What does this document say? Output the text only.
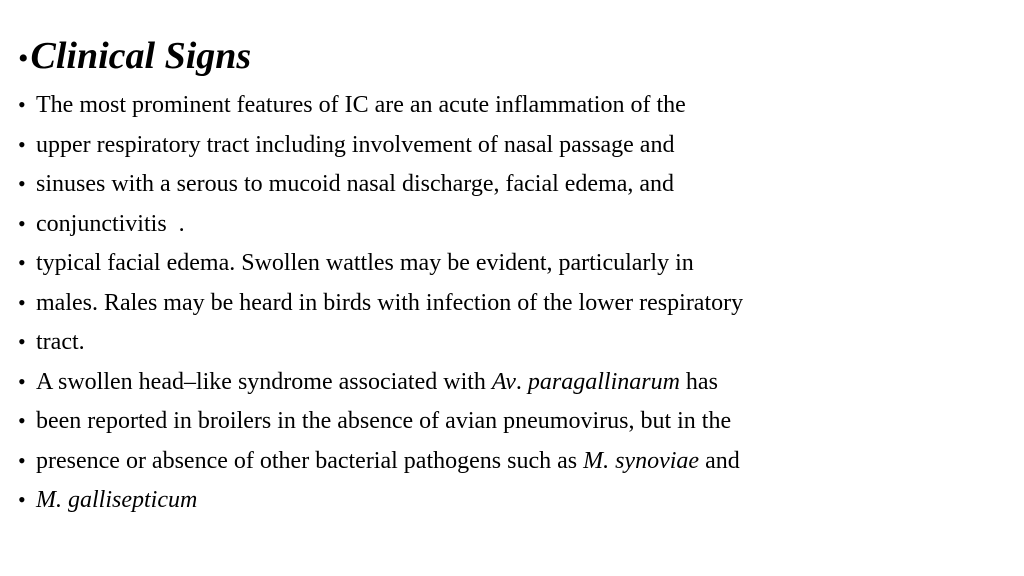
• Clinical Signs
• The most prominent features of IC are an acute inflammation of the
• upper respiratory tract including involvement of nasal passage and
• sinuses with a serous to mucoid nasal discharge, facial edema, and
• conjunctivitis  .
• typical facial edema. Swollen wattles may be evident, particularly in
• males. Rales may be heard in birds with infection of the lower respiratory
• tract.
• A swollen head–like syndrome associated with Av. paragallinarum has
• been reported in broilers in the absence of avian pneumovirus, but in the
• presence or absence of other bacterial pathogens such as M. synoviae and
• M. gallisepticum
